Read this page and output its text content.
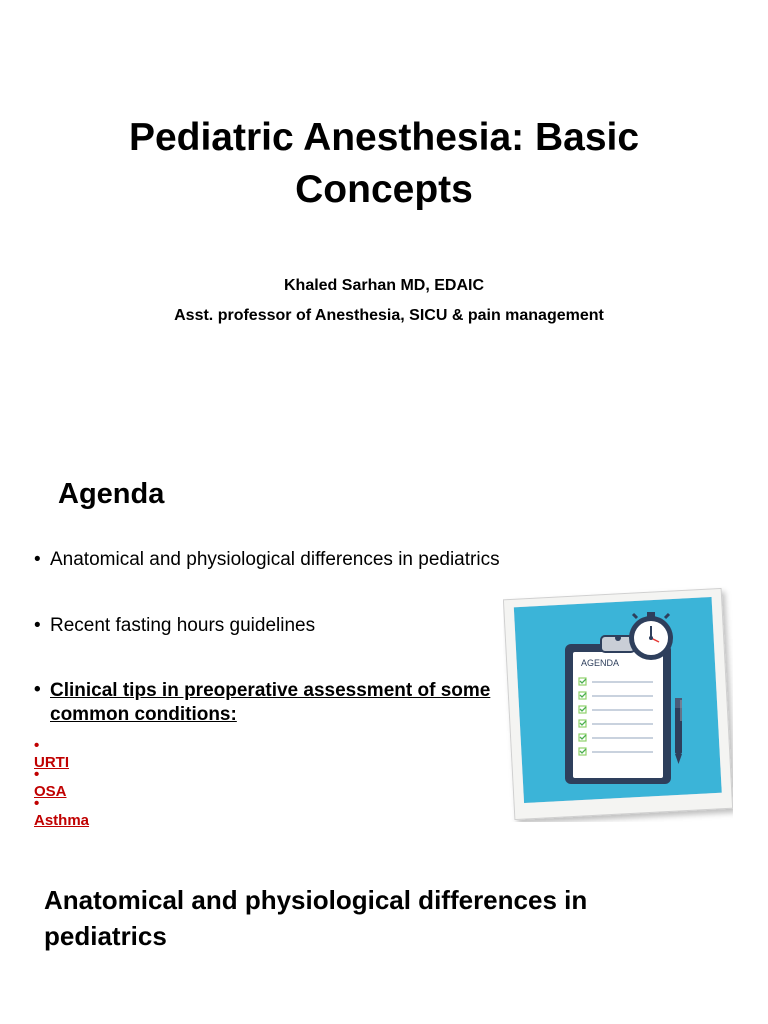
Pediatric Anesthesia: Basic Concepts
Khaled Sarhan MD, EDAIC
Asst. professor of Anesthesia, SICU & pain management
Agenda
• Anatomical and physiological differences in pediatrics
• Recent fasting hours guidelines
• Clinical tips in preoperative assessment of some common conditions:
•URTI
•OSA
•Asthma
AGENDA
Anatomical and physiological differences in pediatrics
